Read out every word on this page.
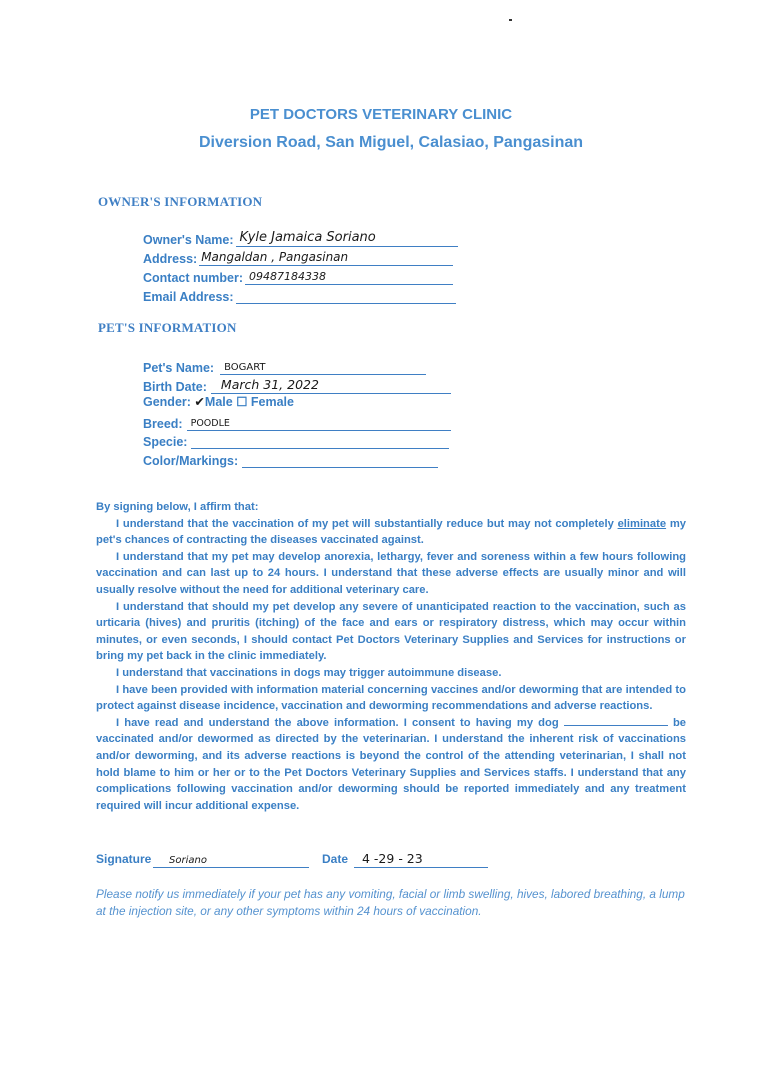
PET DOCTORS VETERINARY CLINIC
Diversion Road, San Miguel, Calasiao, Pangasinan
OWNER'S INFORMATION
Owner's Name: Kyle Jamaica Soriano
Address: Mangaldan , Pangasinan
Contact number: 09487184338
Email Address:
PET'S INFORMATION
Pet's Name: BOGART
Birth Date: March 31, 2022
Gender: ✔Male ☐ Female
Breed: POODLE
Specie:
Color/Markings:

By signing below, I affirm that:

I understand that the vaccination of my pet will substantially reduce but may not completely eliminate my pet's chances of contracting the diseases vaccinated against.

I understand that my pet may develop anorexia, lethargy, fever and soreness within a few hours following vaccination and can last up to 24 hours. I understand that these adverse effects are usually minor and will usually resolve without the need for additional veterinary care.

I understand that should my pet develop any severe of unanticipated reaction to the vaccination, such as urticaria (hives) and pruritis (itching) of the face and ears or respiratory distress, which may occur within minutes, or even seconds, I should contact Pet Doctors Veterinary Supplies and Services for instructions or bring my pet back in the clinic immediately.

I understand that vaccinations in dogs may trigger autoimmune disease.

I have been provided with information material concerning vaccines and/or deworming that are intended to protect against disease incidence, vaccination and deworming recommendations and adverse reactions.

I have read and understand the above information. I consent to having my dog	be vaccinated and/or dewormed as directed by the veterinarian. I understand the inherent risk of vaccinations and/or deworming, and its adverse reactions is beyond the control of the attending veterinarian, I shall not hold blame to him or her or to the Pet Doctors Veterinary Supplies and Services staffs. I understand that any complications following vaccination and/or deworming should be reported immediately and any treatment required will incur additional expense.

Signature Soriano	Date 4 -29 - 23
Please notify us immediately if your pet has any vomiting, facial or limb swelling, hives, labored breathing, a lump at the injection site, or any other symptoms within 24 hours of vaccination.
